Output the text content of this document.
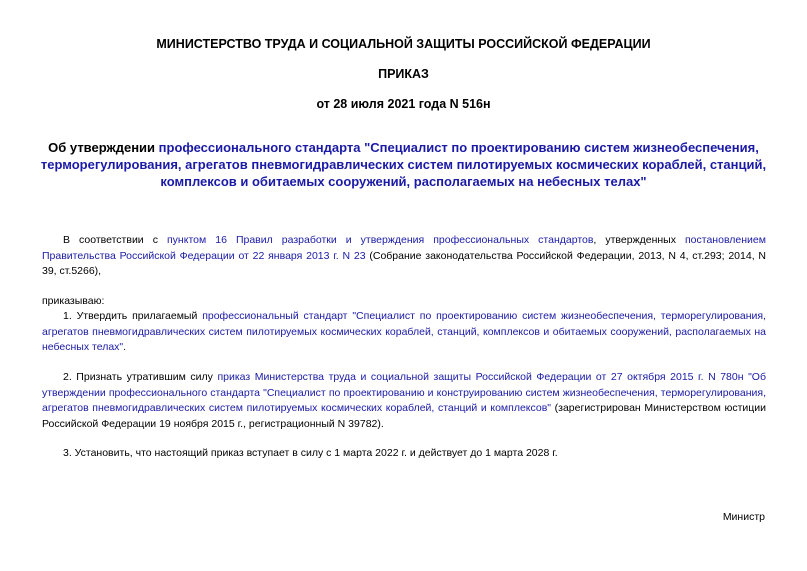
МИНИСТЕРСТВО ТРУДА И СОЦИАЛЬНОЙ ЗАЩИТЫ РОССИЙСКОЙ ФЕДЕРАЦИИ
ПРИКАЗ
от 28 июля 2021 года N 516н
Об утверждении профессионального стандарта "Специалист по проектированию систем жизнеобеспечения, терморегулирования, агрегатов пневмогидравлических систем пилотируемых космических кораблей, станций, комплексов и обитаемых сооружений, располагаемых на небесных телах"
В соответствии с пунктом 16 Правил разработки и утверждения профессиональных стандартов, утвержденных постановлением Правительства Российской Федерации от 22 января 2013 г. N 23 (Собрание законодательства Российской Федерации, 2013, N 4, ст.293; 2014, N 39, ст.5266),
приказываю:
1. Утвердить прилагаемый профессиональный стандарт "Специалист по проектированию систем жизнеобеспечения, терморегулирования, агрегатов пневмогидравлических систем пилотируемых космических кораблей, станций, комплексов и обитаемых сооружений, располагаемых на небесных телах".
2. Признать утратившим силу приказ Министерства труда и социальной защиты Российской Федерации от 27 октября 2015 г. N 780н "Об утверждении профессионального стандарта "Специалист по проектированию и конструированию систем жизнеобеспечения, терморегулирования, агрегатов пневмогидравлических систем пилотируемых космических кораблей, станций и комплексов" (зарегистрирован Министерством юстиции Российской Федерации 19 ноября 2015 г., регистрационный N 39782).
3. Установить, что настоящий приказ вступает в силу с 1 марта 2022 г. и действует до 1 марта 2028 г.
Министр
